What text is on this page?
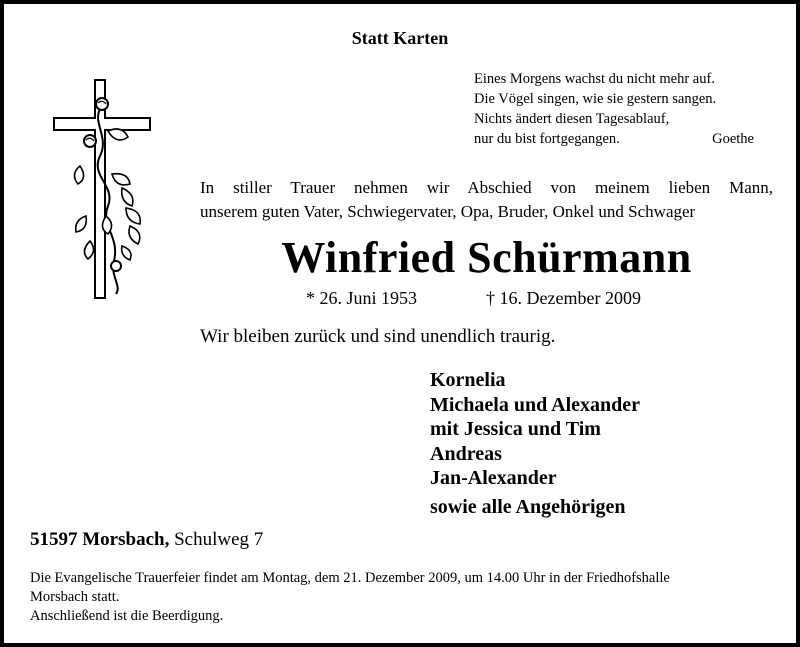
Statt Karten
Eines Morgens wachst du nicht mehr auf.
Die Vögel singen, wie sie gestern sangen.
Nichts ändert diesen Tagesablauf,
nur du bist fortgegangen.	Goethe
In stiller Trauer nehmen wir Abschied von meinem lieben Mann,
unserem guten Vater, Schwiegervater, Opa, Bruder, Onkel und Schwager
Winfried Schürmann
* 26. Juni 1953	† 16. Dezember 2009
Wir bleiben zurück und sind unendlich traurig.
Kornelia
Michaela und Alexander
mit Jessica und Tim
Andreas
Jan-Alexander
sowie alle Angehörigen
51597 Morsbach, Schulweg 7
Die Evangelische Trauerfeier findet am Montag, dem 21. Dezember 2009, um 14.00 Uhr in der Friedhofshalle
Morsbach statt.
Anschließend ist die Beerdigung.
